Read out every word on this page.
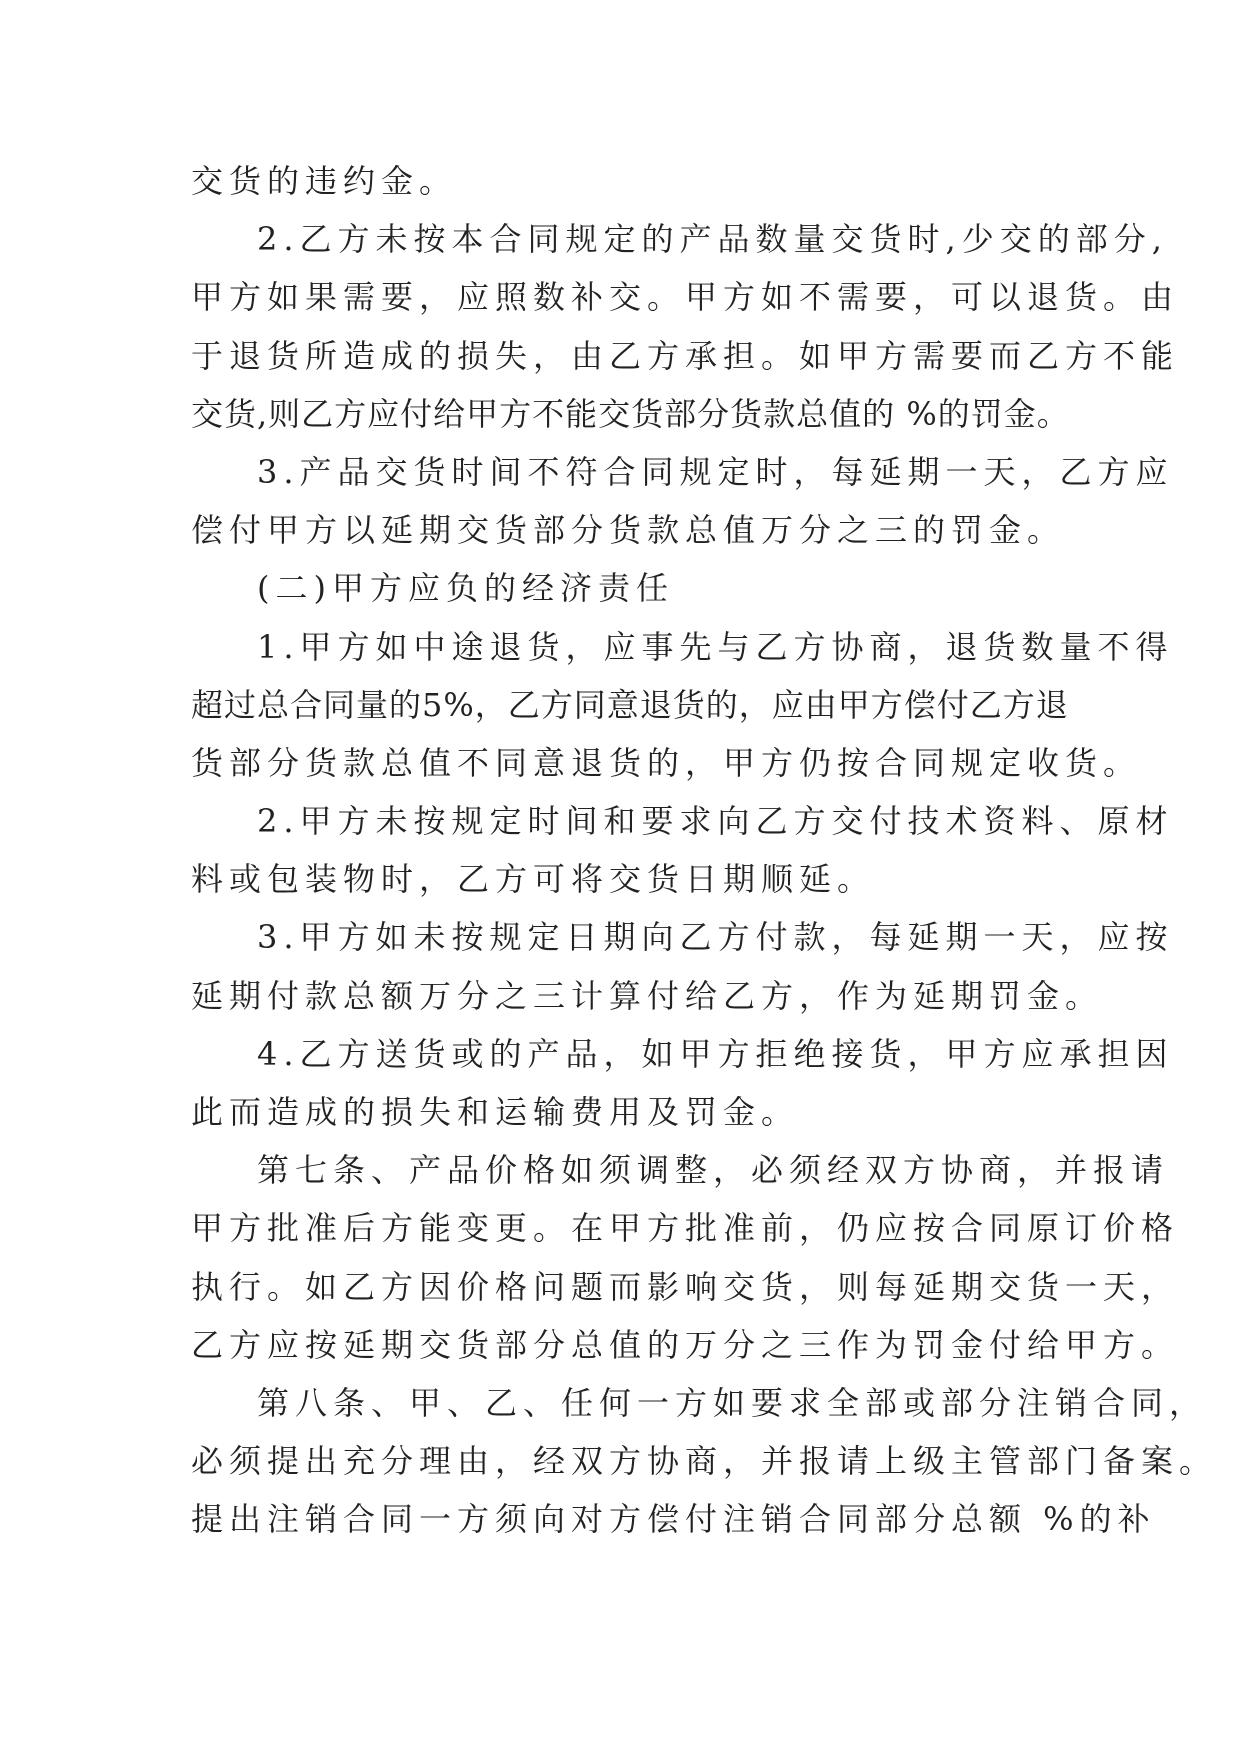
交货的违约金。
2.乙方未按本合同规定的产品数量交货时,少交的部分,
甲方如果需要，应照数补交。甲方如不需要，可以退货。由
于退货所造成的损失，由乙方承担。如甲方需要而乙方不能
交货,则乙方应付给甲方不能交货部分货款总值的 %的罚金。
3.产品交货时间不符合同规定时，每延期一天，乙方应
偿付甲方以延期交货部分货款总值万分之三的罚金。
(二)甲方应负的经济责任
1.甲方如中途退货，应事先与乙方协商，退货数量不得
超过总合同量的5%，乙方同意退货的，应由甲方偿付乙方退
货部分货款总值不同意退货的，甲方仍按合同规定收货。
2.甲方未按规定时间和要求向乙方交付技术资料、原材
料或包装物时，乙方可将交货日期顺延。
3.甲方如未按规定日期向乙方付款，每延期一天，应按
延期付款总额万分之三计算付给乙方，作为延期罚金。
4.乙方送货或的产品，如甲方拒绝接货，甲方应承担因
此而造成的损失和运输费用及罚金。
第七条、产品价格如须调整，必须经双方协商，并报请
甲方批准后方能变更。在甲方批准前，仍应按合同原订价格
执行。如乙方因价格问题而影响交货，则每延期交货一天，
乙方应按延期交货部分总值的万分之三作为罚金付给甲方。
第八条、甲、乙、任何一方如要求全部或部分注销合同，
必须提出充分理由，经双方协商，并报请上级主管部门备案。
提出注销合同一方须向对方偿付注销合同部分总额 %的补
